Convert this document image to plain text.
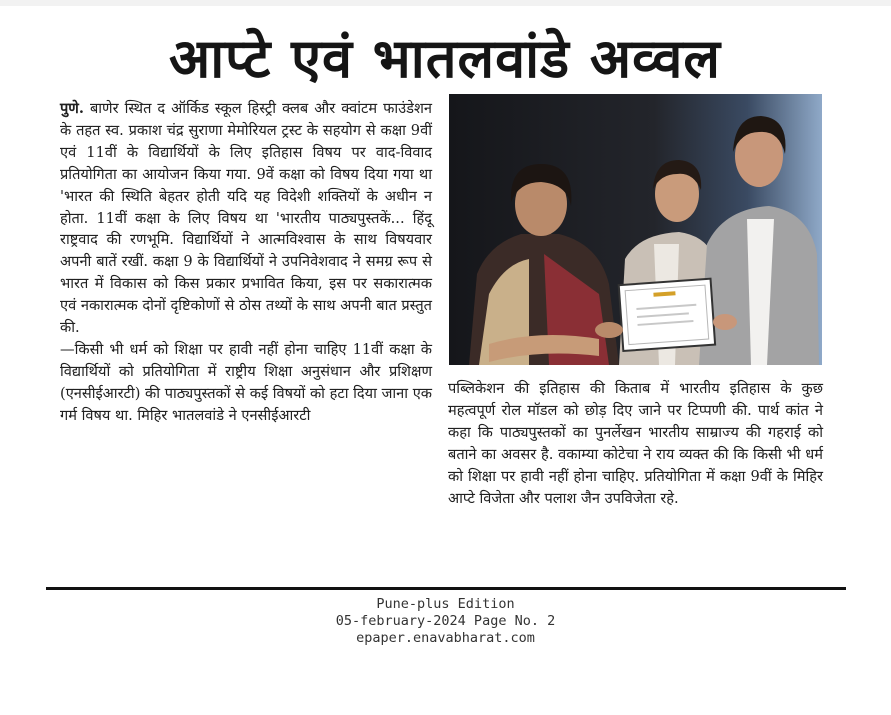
आप्टे एवं भातलवांडे अव्वल

पुणे. बाणेर स्थित द ऑर्किड स्कूल हिस्ट्री क्लब और क्वांटम फाउंडेशन के तहत स्व. प्रकाश चंद्र सुराणा मेमोरियल ट्रस्ट के सहयोग से कक्षा 9वीं एवं 11वीं के विद्यार्थियों के लिए इतिहास विषय पर वाद-विवाद प्रतियोगिता का आयोजन किया गया. 9वें कक्षा को विषय दिया गया था 'भारत की स्थिति बेहतर होती यदि यह विदेशी शक्तियों के अधीन न होता. 11वीं कक्षा के लिए विषय था 'भारतीय पाठ्यपुस्तकें... हिंदू राष्ट्रवाद की रणभूमि. विद्यार्थियों ने आत्मविश्वास के साथ विषयवार अपनी बातें रखीं. कक्षा 9 के विद्यार्थियों ने उपनिवेशवाद ने समग्र रूप से भारत में विकास को किस प्रकार प्रभावित किया, इस पर सकारात्मक एवं नकारात्मक दोनों दृष्टिकोणों से ठोस तथ्यों के साथ अपनी बात प्रस्तुत की.

—किसी भी धर्म को शिक्षा पर हावी नहीं होना चाहिए 11वीं कक्षा के विद्यार्थियों को प्रतियोगिता में राष्ट्रीय शिक्षा अनुसंधान और प्रशिक्षण (एनसीईआरटी) की पाठ्यपुस्तकों से कई विषयों को हटा दिया जाना एक गर्म विषय था. मिहिर भातलवांडे ने एनसीईआरटी

पब्लिकेशन की इतिहास की किताब में भारतीय इतिहास के कुछ महत्वपूर्ण रोल मॉडल को छोड़ दिए जाने पर टिप्पणी की. पार्थ कांत ने कहा कि पाठ्यपुस्तकों का पुनर्लेखन भारतीय साम्राज्य की गहराई को बताने का अवसर है. वकाम्या कोटेचा ने राय व्यक्त की कि किसी भी धर्म को शिक्षा पर हावी नहीं होना चाहिए. प्रतियोगिता में कक्षा 9वीं के मिहिर आप्टे विजेता और पलाश जैन उपविजेता रहे.

Pune-plus Edition
05-february-2024 Page No. 2
epaper.enavabharat.com
